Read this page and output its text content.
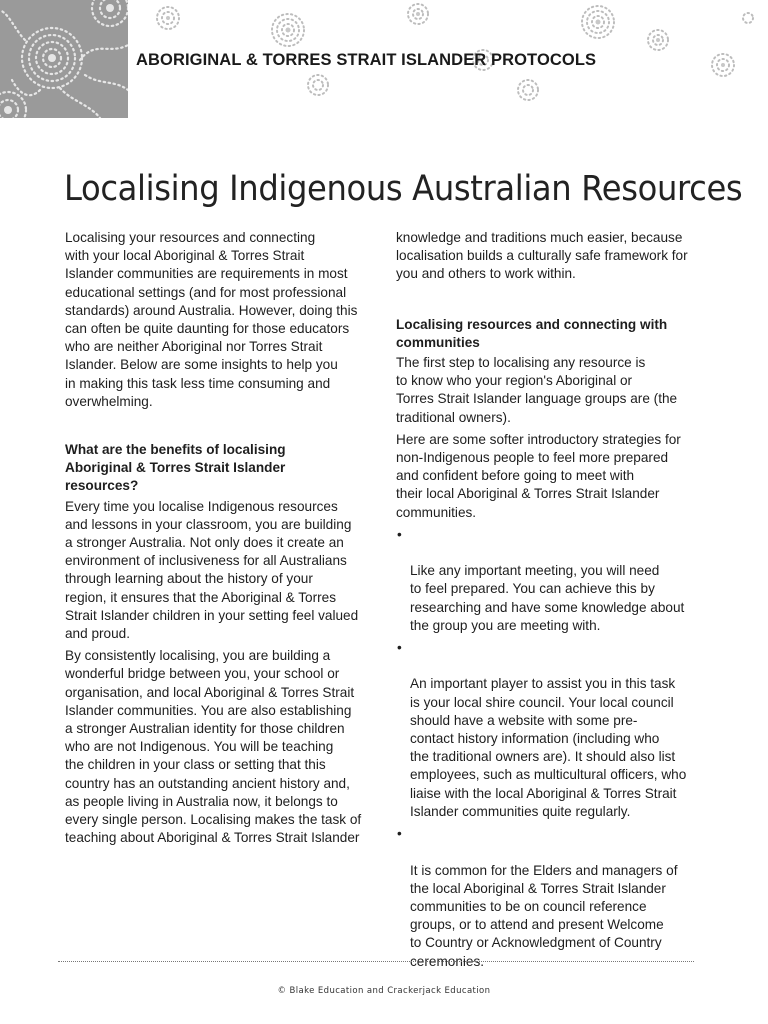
ABORIGINAL & TORRES STRAIT ISLANDER PROTOCOLS
Localising Indigenous Australian Resources

Localising your resources and connecting
with your local Aboriginal & Torres Strait
Islander communities are requirements in most
educational settings (and for most professional
standards) around Australia. However, doing this
can often be quite daunting for those educators
who are neither Aboriginal nor Torres Strait
Islander. Below are some insights to help you
in making this task less time consuming and
overwhelming.

What are the benefits of localising
Aboriginal & Torres Strait Islander
resources?

Every time you localise Indigenous resources
and lessons in your classroom, you are building
a stronger Australia. Not only does it create an
environment of inclusiveness for all Australians
through learning about the history of your
region, it ensures that the Aboriginal & Torres
Strait Islander children in your setting feel valued
and proud.

By consistently localising, you are building a
wonderful bridge between you, your school or
organisation, and local Aboriginal & Torres Strait
Islander communities. You are also establishing
a stronger Australian identity for those children
who are not Indigenous. You will be teaching
the children in your class or setting that this
country has an outstanding ancient history and,
as people living in Australia now, it belongs to
every single person. Localising makes the task of
teaching about Aboriginal & Torres Strait Islander

knowledge and traditions much easier, because
localisation builds a culturally safe framework for
you and others to work within.

Localising resources and connecting with
communities

The first step to localising any resource is
to know who your region's Aboriginal or
Torres Strait Islander language groups are (the
traditional owners).

Here are some softer introductory strategies for
non-Indigenous people to feel more prepared
and confident before going to meet with
their local Aboriginal & Torres Strait Islander
communities.

•

Like any important meeting, you will need
to feel prepared. You can achieve this by
researching and have some knowledge about
the group you are meeting with.

•

An important player to assist you in this task
is your local shire council. Your local council
should have a website with some pre-
contact history information (including who
the traditional owners are). It should also list
employees, such as multicultural officers, who
liaise with the local Aboriginal & Torres Strait
Islander communities quite regularly.

•

It is common for the Elders and managers of
the local Aboriginal & Torres Strait Islander
communities to be on council reference
groups, or to attend and present Welcome
to Country or Acknowledgment of Country
ceremonies.

© Blake Education and Crackerjack Education
